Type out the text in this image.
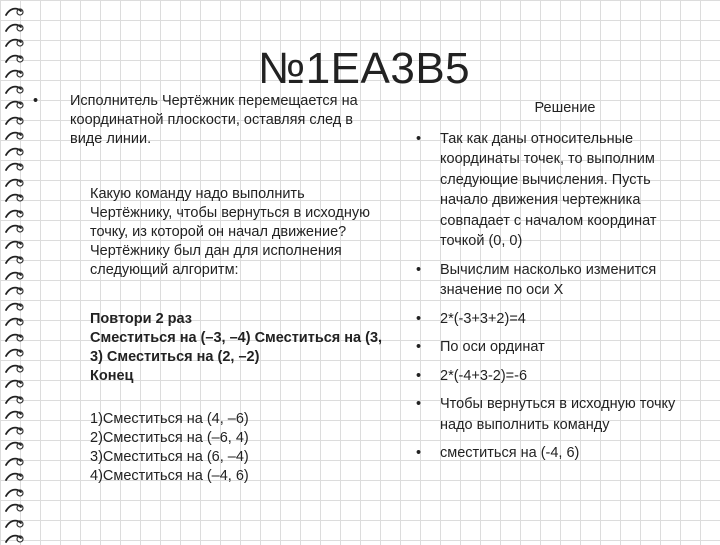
№1EA3B5
• Исполнитель Чертёжник перемещается на координатной плоскости, оставляя след в виде линии.
Какую команду надо выполнить Чертёжнику, чтобы вернуться в исходную точку, из которой он начал движение?
Чертёжнику был дан для исполнения следующий алгоритм:
Повтори 2 раз
Сместиться на (–3, –4) Сместиться на (3, 3) Сместиться на (2, –2)
Конец
1)Сместиться на (4, –6)
2)Сместиться на (–6, 4)
3)Сместиться на (6, –4)
4)Сместиться на (–4, 6)
Решение
• Так как даны относительные координаты точек, то выполним следующие вычисления. Пусть начало движения чертежника совпадает с началом координат точкой (0, 0)
• Вычислим насколько изменится значение по оси Х
• 2*(-3+3+2)=4
• По оси ординат
• 2*(-4+3-2)=-6
• Чтобы вернуться в исходную точку надо выполнить команду
• сместиться на (-4, 6)
